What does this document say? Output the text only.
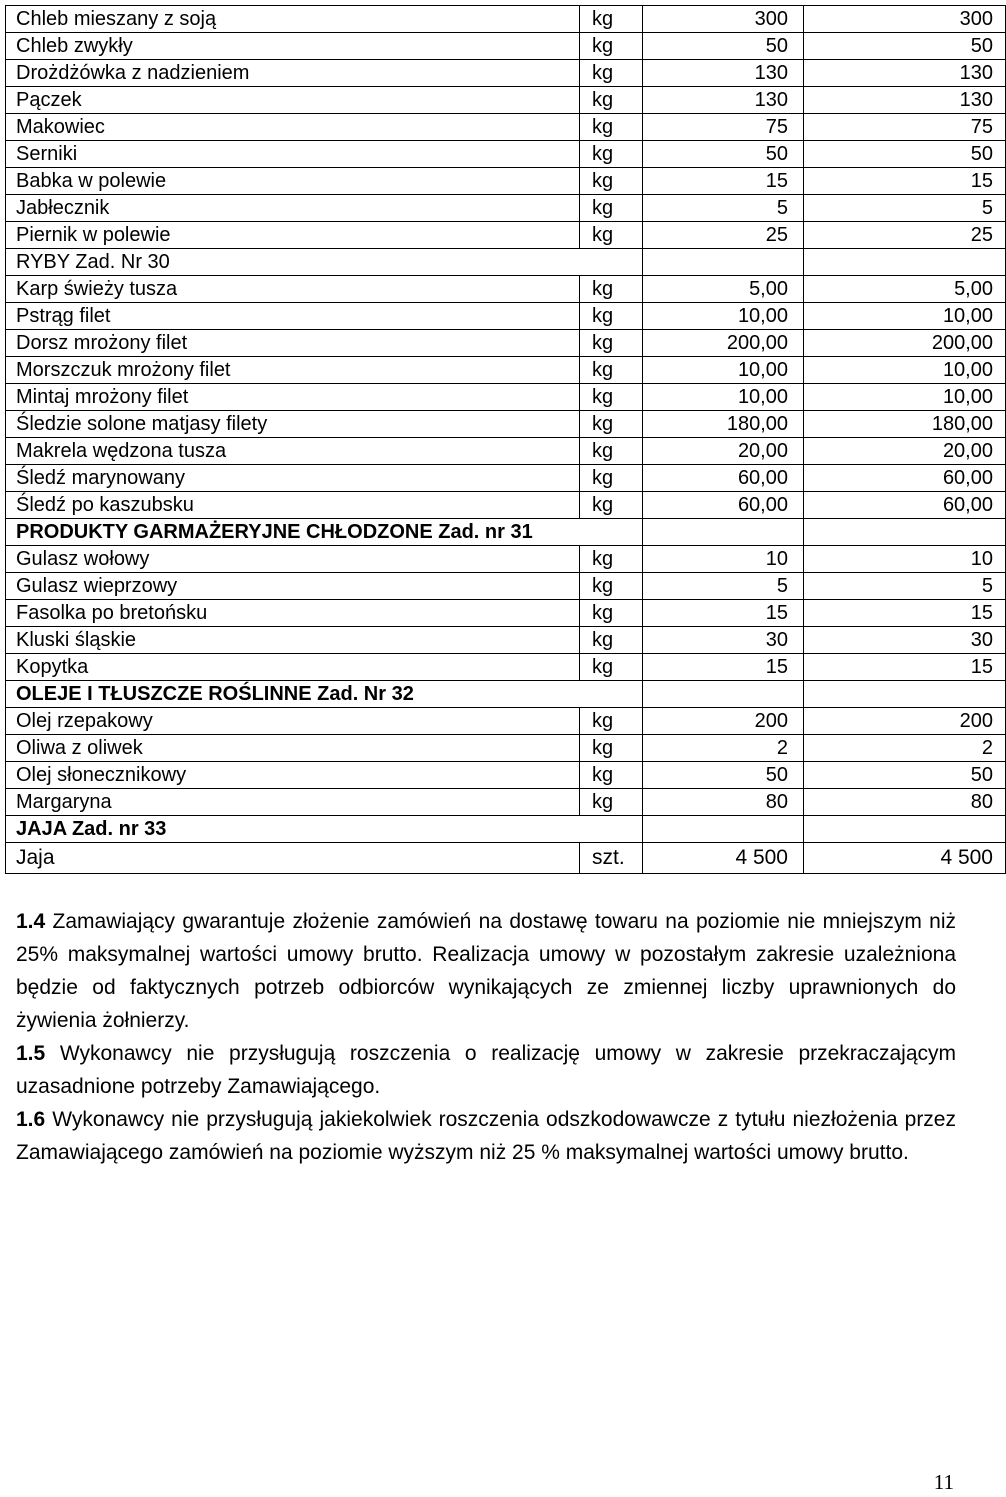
Chleb mieszany z soją	kg	300	300
Chleb zwykły	kg	50	50
Drożdżówka z nadzieniem	kg	130	130
Pączek	kg	130	130
Makowiec	kg	75	75
Serniki	kg	50	50
Babka w polewie	kg	15	15
Jabłecznik	kg	5	5
Piernik w polewie	kg	25	25
RYBY Zad. Nr 30			
Karp świeży tusza	kg	5,00	5,00
Pstrąg filet	kg	10,00	10,00
Dorsz mrożony filet	kg	200,00	200,00
Morszczuk mrożony filet	kg	10,00	10,00
Mintaj mrożony filet	kg	10,00	10,00
Śledzie solone matjasy filety	kg	180,00	180,00
Makrela wędzona tusza	kg	20,00	20,00
Śledź marynowany	kg	60,00	60,00
Śledź po kaszubsku	kg	60,00	60,00
PRODUKTY GARMAŻERYJNE CHŁODZONE Zad. nr 31			
Gulasz wołowy	kg	10	10
Gulasz wieprzowy	kg	5	5
Fasolka po bretońsku	kg	15	15
Kluski śląskie	kg	30	30
Kopytka	kg	15	15
OLEJE I TŁUSZCZE ROŚLINNE Zad. Nr 32			
Olej rzepakowy	kg	200	200
Oliwa z oliwek	kg	2	2
Olej słonecznikowy	kg	50	50
Margaryna	kg	80	80
JAJA Zad. nr 33			
Jaja	szt.	4 500	4 500

1.4 Zamawiający gwarantuje złożenie zamówień na dostawę towaru na poziomie nie mniejszym niż 25% maksymalnej wartości umowy brutto. Realizacja umowy w pozostałym zakresie uzależniona będzie od faktycznych potrzeb odbiorców wynikających ze zmiennej liczby uprawnionych do żywienia żołnierzy.

1.5 Wykonawcy nie przysługują roszczenia o realizację umowy w zakresie przekraczającym uzasadnione potrzeby Zamawiającego.

1.6 Wykonawcy nie przysługują jakiekolwiek roszczenia odszkodowawcze z tytułu niezłożenia przez Zamawiającego zamówień na poziomie wyższym niż 25 % maksymalnej wartości umowy brutto.

11
